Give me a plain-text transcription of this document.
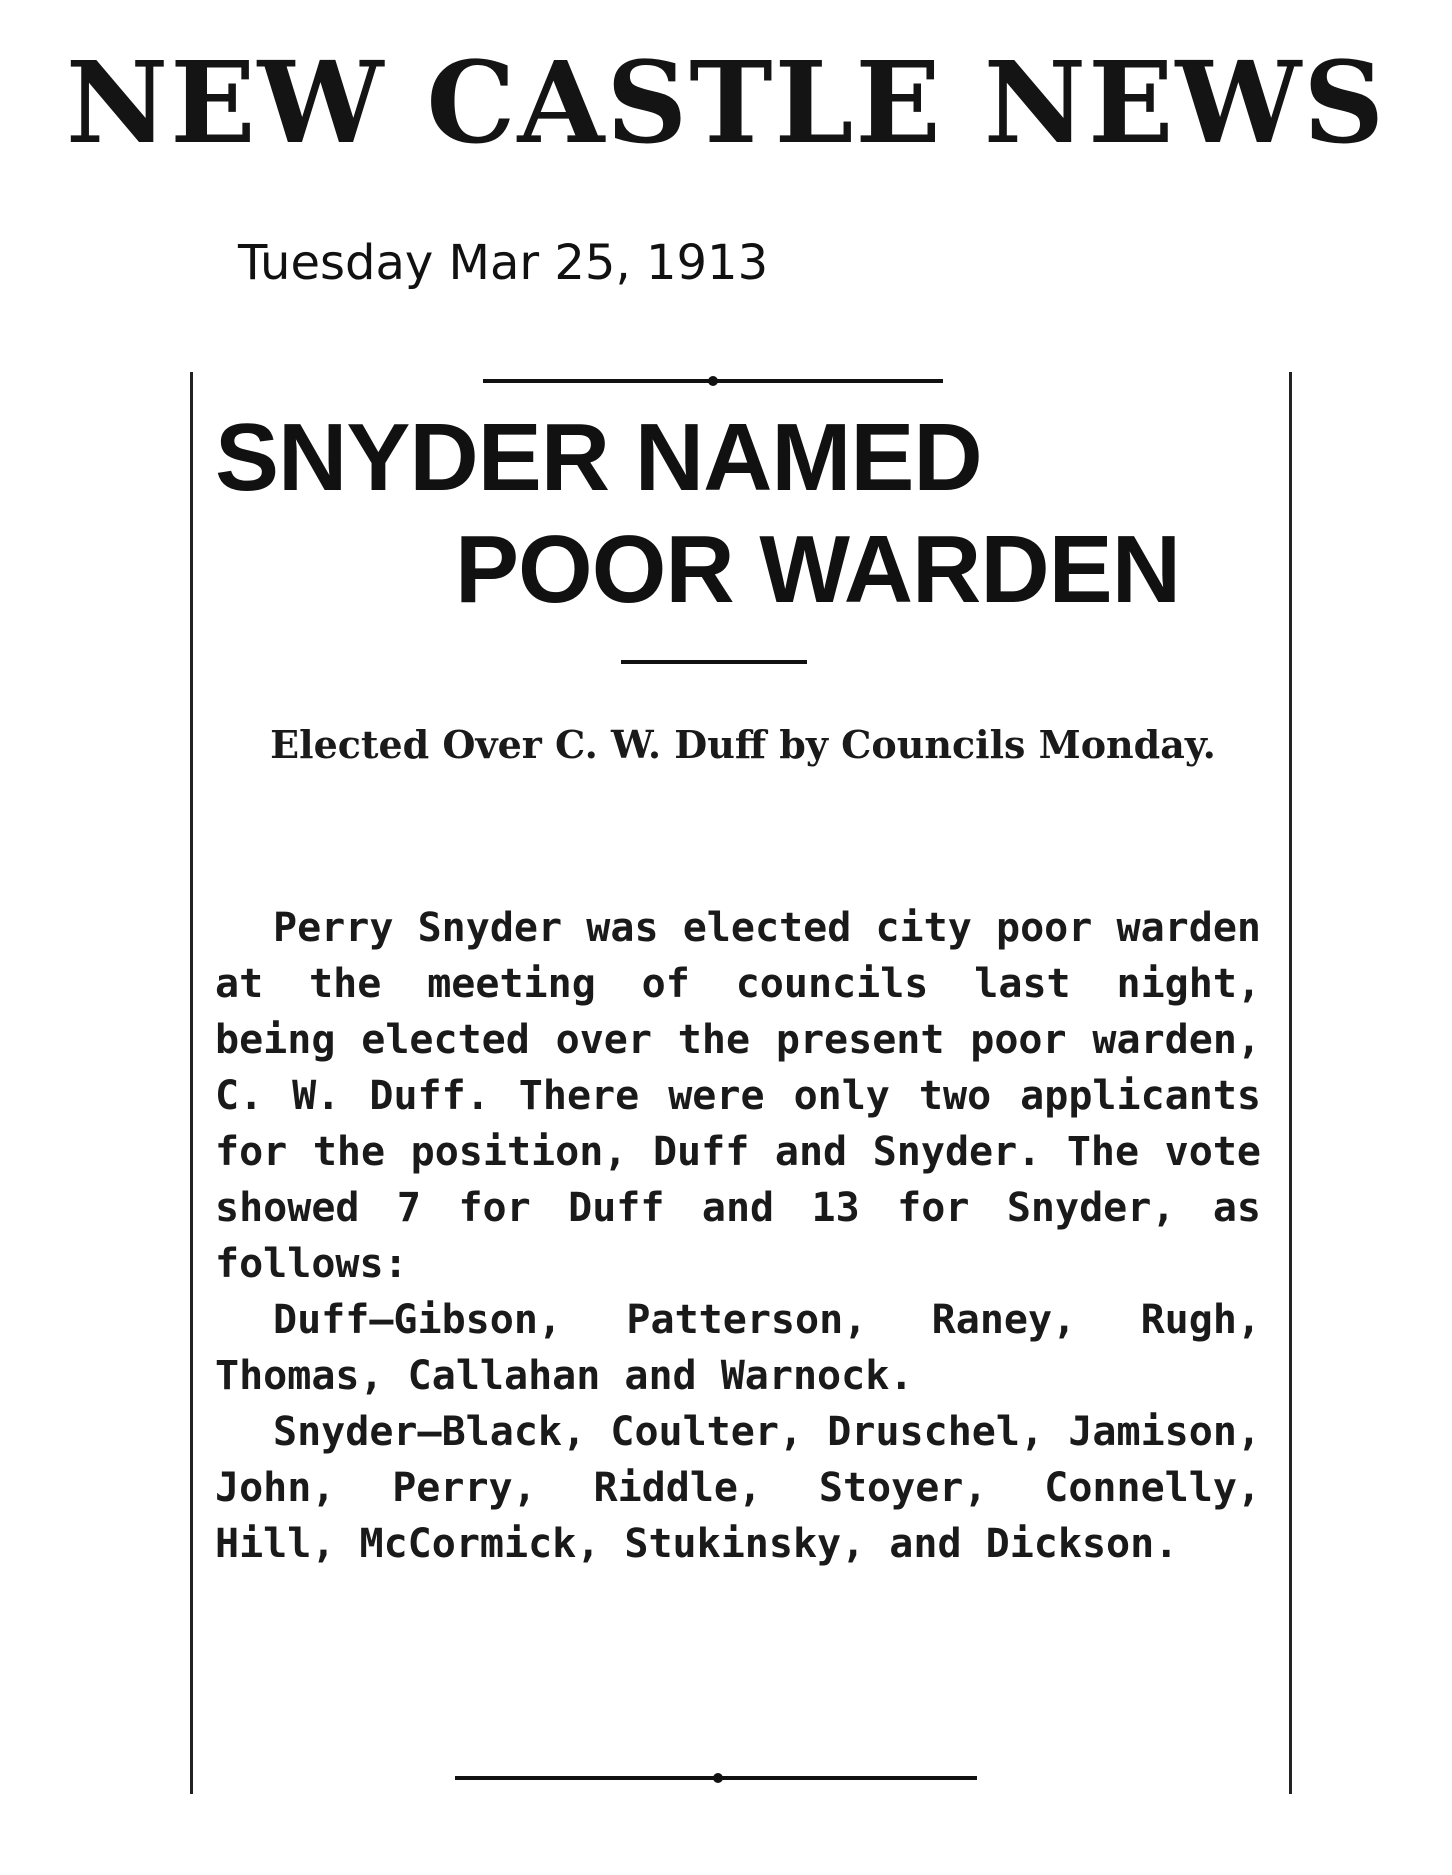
NEW CASTLE NEWS
Tuesday Mar 25, 1913
SNYDER NAMED
POOR WARDEN
Elected Over C. W. Duff by Councils Monday.

Perry Snyder was elected city poor warden at the meeting of councils last night, being elected over the present poor warden, C. W. Duff. There were only two applicants for the position, Duff and Snyder. The vote showed 7 for Duff and 13 for Snyder, as follows:

Duff—Gibson, Patterson, Raney, Rugh, Thomas, Callahan and Warnock.

Snyder—Black, Coulter, Druschel, Jamison, John, Perry, Riddle, Stoyer, Connelly, Hill, McCormick, Stukinsky, and Dickson.
